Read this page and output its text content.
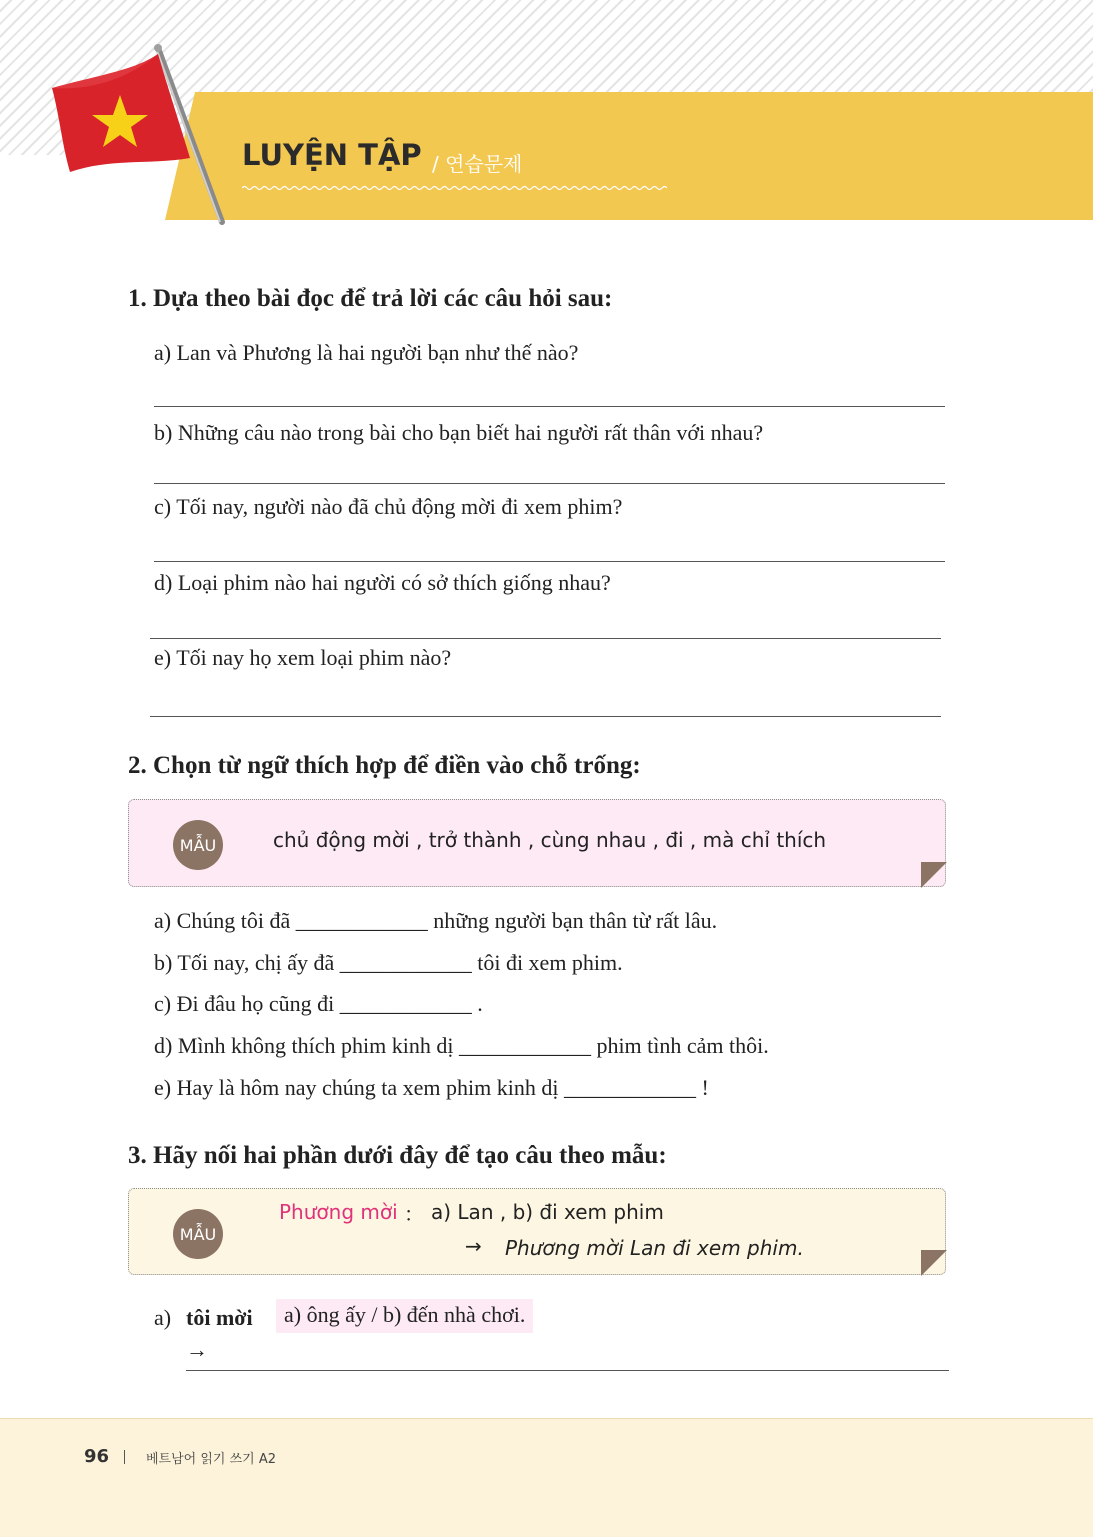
LUYỆN TẬP / 연습문제
1. Dựa theo bài đọc để trả lời các câu hỏi sau:
a) Lan và Phương là hai người bạn như thế nào?
b) Những câu nào trong bài cho bạn biết hai người rất thân với nhau?
c) Tối nay, người nào đã chủ động mời đi xem phim?
d) Loại phim nào hai người có sở thích giống nhau?
e) Tối nay họ xem loại phim nào?
2. Chọn từ ngữ thích hợp để điền vào chỗ trống:
MẪU	chủ động mời , trở thành , cùng nhau , đi , mà chỉ thích
a) Chúng tôi đã ____________ những người bạn thân từ rất lâu.
b) Tối nay, chị ấy đã ____________ tôi đi xem phim.
c) Đi đâu họ cũng đi ____________ .
d) Mình không thích phim kinh dị ____________ phim tình cảm thôi.
e) Hay là hôm nay chúng ta xem phim kinh dị ____________ !
3. Hãy nối hai phần dưới đây để tạo câu theo mẫu:
MẪU
Phương mời ： a) Lan , b) đi xem phim
→ Phương mời Lan đi xem phim.
a) tôi mời	a) ông ấy / b) đến nhà chơi.
→
96	베트남어 읽기 쓰기 A2
